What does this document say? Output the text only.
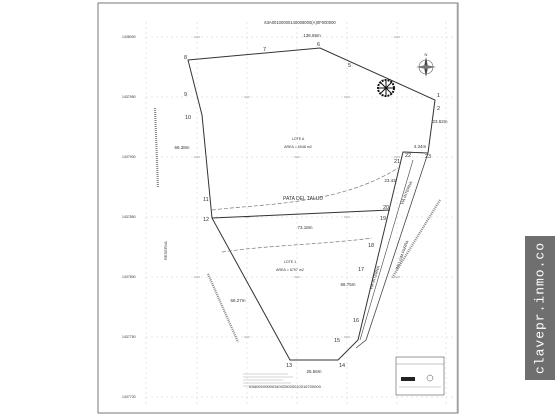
1438000
1437950
1437900
1437850
1437800
1437750
1437700
63A00100000140008000(A)0F000000
63A00100000140025000010016700000
136.55m
23.62m
4.34m
66.38m
23.43
73.18m
66.75m
66.27m
25.56m
LOTE A
AREA = 6048 m2
LOTE 1
AREA = 6797 m2
PATA DEL TALUD	VIA INTERNA
VIA INTERNA
WILLIAM PARRA
RESERVA
1
2
5
6
7
8
9
10
11
12
13	14
15
16
17
18
19
20
21
22	23
N
clavepr.inmo.co
